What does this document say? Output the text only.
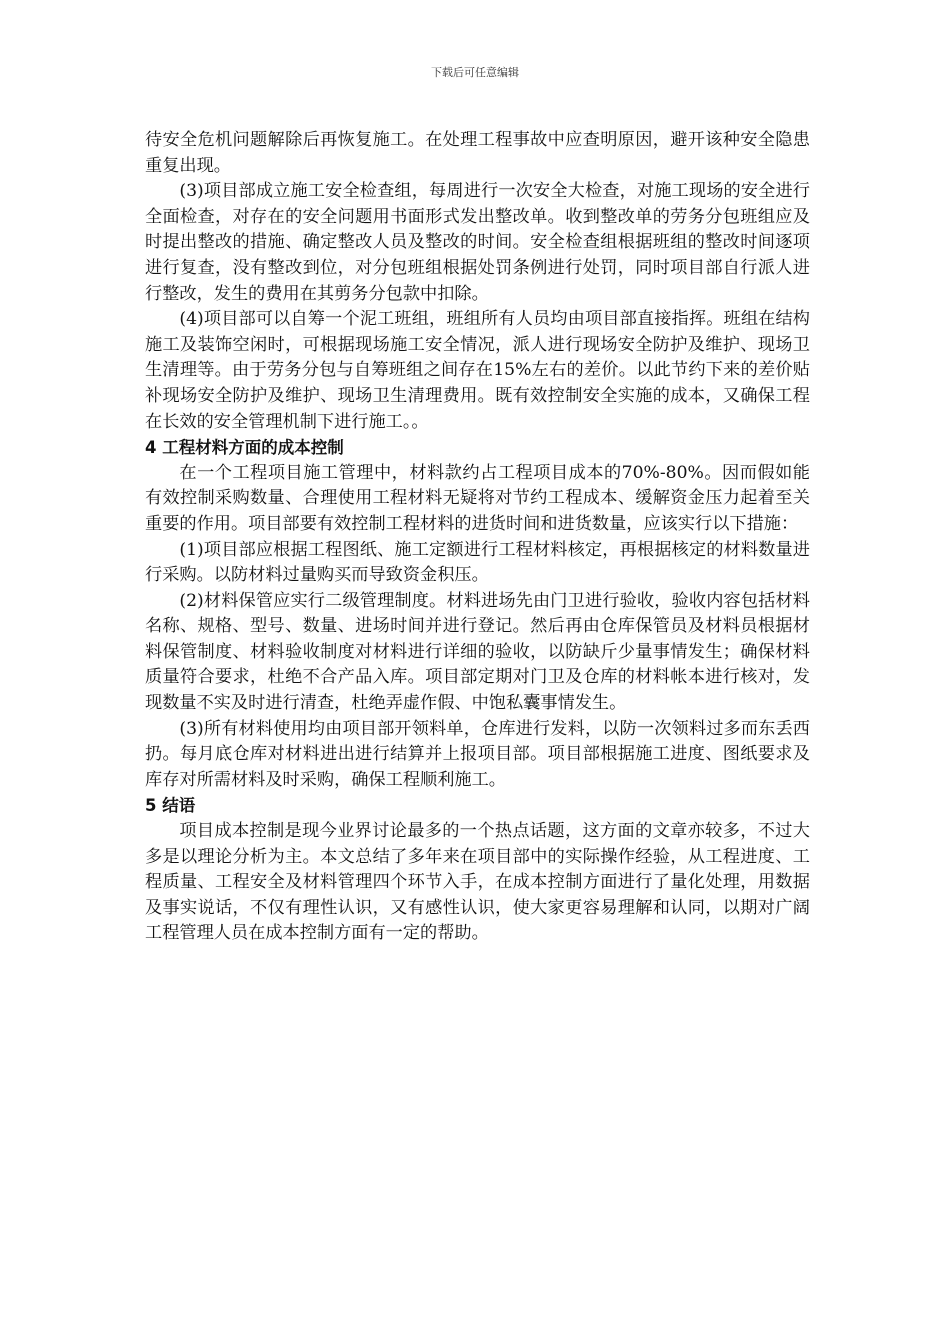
下载后可任意编辑

待安全危机问题解除后再恢复施工。在处理工程事故中应查明原因，避开该种安全隐患重复出现。

(3)项目部成立施工安全检查组，每周进行一次安全大检查，对施工现场的安全进行全面检查，对存在的安全问题用书面形式发出整改单。收到整改单的劳务分包班组应及时提出整改的措施、确定整改人员及整改的时间。安全检查组根据班组的整改时间逐项进行复查，没有整改到位，对分包班组根据处罚条例进行处罚，同时项目部自行派人进行整改，发生的费用在其剪务分包款中扣除。

(4)项目部可以自筹一个泥工班组，班组所有人员均由项目部直接指挥。班组在结构施工及装饰空闲时，可根据现场施工安全情况，派人进行现场安全防护及维护、现场卫生清理等。由于劳务分包与自筹班组之间存在15%左右的差价。以此节约下来的差价贴补现场安全防护及维护、现场卫生清理费用。既有效控制安全实施的成本，又确保工程在长效的安全管理机制下进行施工。。

4 工程材料方面的成本控制

在一个工程项目施工管理中，材料款约占工程项目成本的70%-80%。因而假如能有效控制采购数量、合理使用工程材料无疑将对节约工程成本、缓解资金压力起着至关重要的作用。项目部要有效控制工程材料的进货时间和进货数量，应该实行以下措施：

(1)项目部应根据工程图纸、施工定额进行工程材料核定，再根据核定的材料数量进行采购。以防材料过量购买而导致资金积压。

(2)材料保管应实行二级管理制度。材料进场先由门卫进行验收，验收内容包括材料名称、规格、型号、数量、进场时间并进行登记。然后再由仓库保管员及材料员根据材料保管制度、材料验收制度对材料进行详细的验收，以防缺斤少量事情发生；确保材料质量符合要求，杜绝不合产品入库。项目部定期对门卫及仓库的材料帐本进行核对，发现数量不实及时进行清查，杜绝弄虚作假、中饱私囊事情发生。

(3)所有材料使用均由项目部开领料单，仓库进行发料，以防一次领料过多而东丢西扔。每月底仓库对材料进出进行结算并上报项目部。项目部根据施工进度、图纸要求及库存对所需材料及时采购，确保工程顺利施工。

5 结语

项目成本控制是现今业界讨论最多的一个热点话题，这方面的文章亦较多，不过大多是以理论分析为主。本文总结了多年来在项目部中的实际操作经验，从工程进度、工程质量、工程安全及材料管理四个环节入手，在成本控制方面进行了量化处理，用数据及事实说话，不仅有理性认识，又有感性认识，使大家更容易理解和认同，以期对广阔工程管理人员在成本控制方面有一定的帮助。
